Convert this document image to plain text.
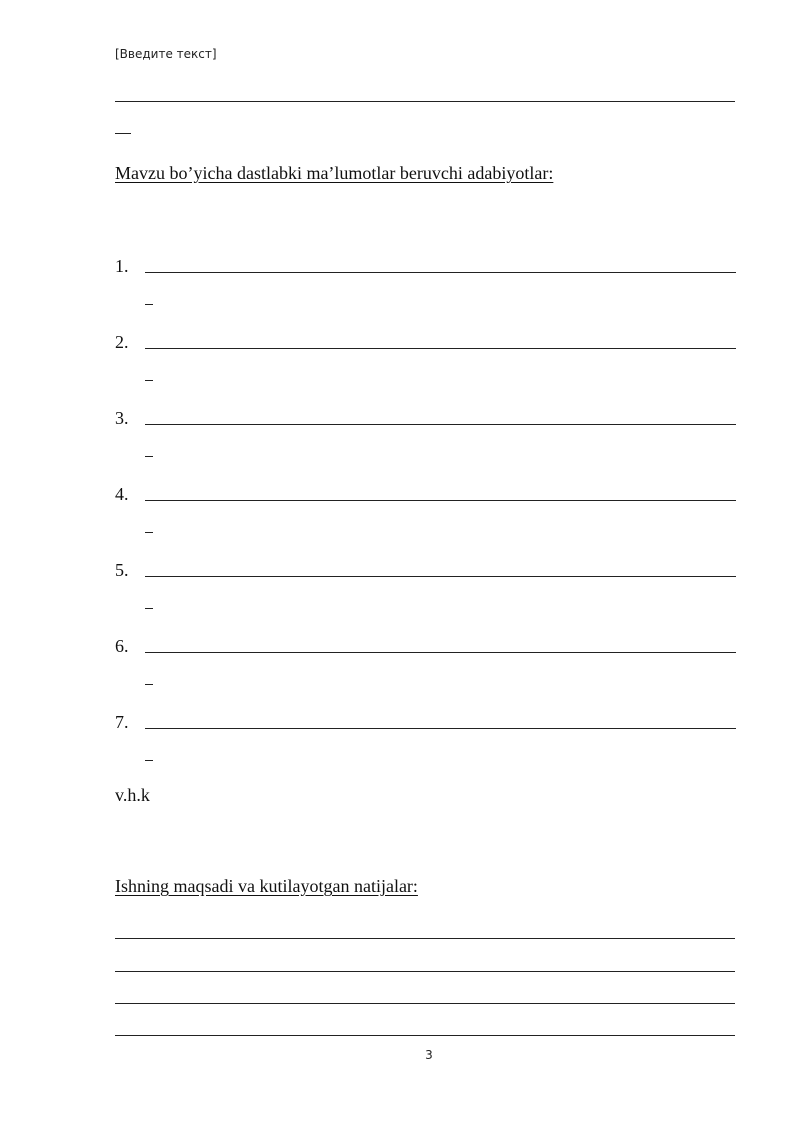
[Введите текст]
Mavzu bo’yicha dastlabki ma’lumotlar beruvchi adabiyotlar:
1.
2.
3.
4.
5.
6.
7.
v.h.k
Ishning maqsadi va kutilayotgan natijalar:
3
